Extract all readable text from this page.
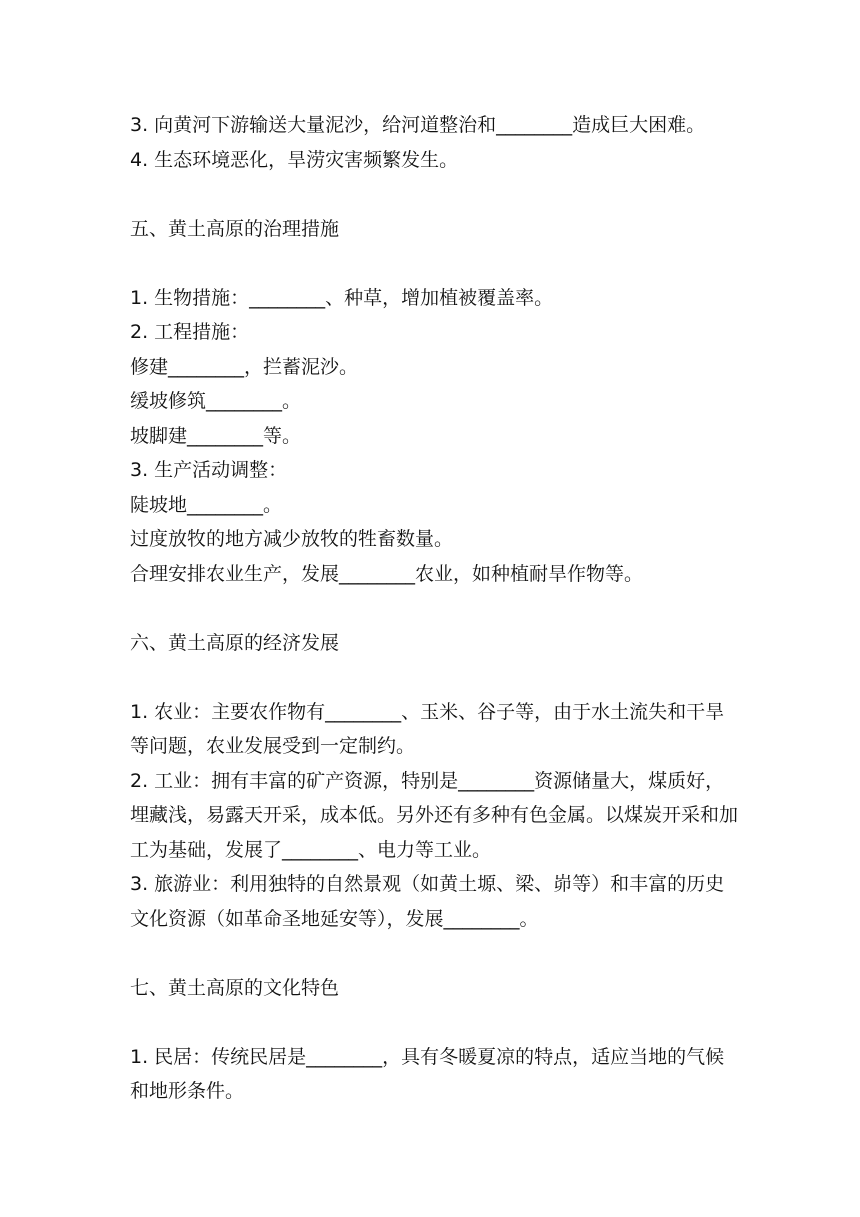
3. 向黄河下游输送大量泥沙，给河道整治和________造成巨大困难。

4. 生态环境恶化，旱涝灾害频繁发生。

五、黄土高原的治理措施

1. 生物措施：________、种草，增加植被覆盖率。

2. 工程措施：

修建________，拦蓄泥沙。

缓坡修筑________。

坡脚建________等。

3. 生产活动调整：

陡坡地________。

过度放牧的地方减少放牧的牲畜数量。

合理安排农业生产，发展________农业，如种植耐旱作物等。

六、黄土高原的经济发展

1. 农业：主要农作物有________、玉米、谷子等，由于水土流失和干旱等问题，农业发展受到一定制约。

2. 工业：拥有丰富的矿产资源，特别是________资源储量大，煤质好，埋藏浅，易露天开采，成本低。另外还有多种有色金属。以煤炭开采和加工为基础，发展了________、电力等工业。

3. 旅游业：利用独特的自然景观（如黄土塬、梁、峁等）和丰富的历史文化资源（如革命圣地延安等），发展________。

七、黄土高原的文化特色

1. 民居：传统民居是________，具有冬暖夏凉的特点，适应当地的气候和地形条件。
